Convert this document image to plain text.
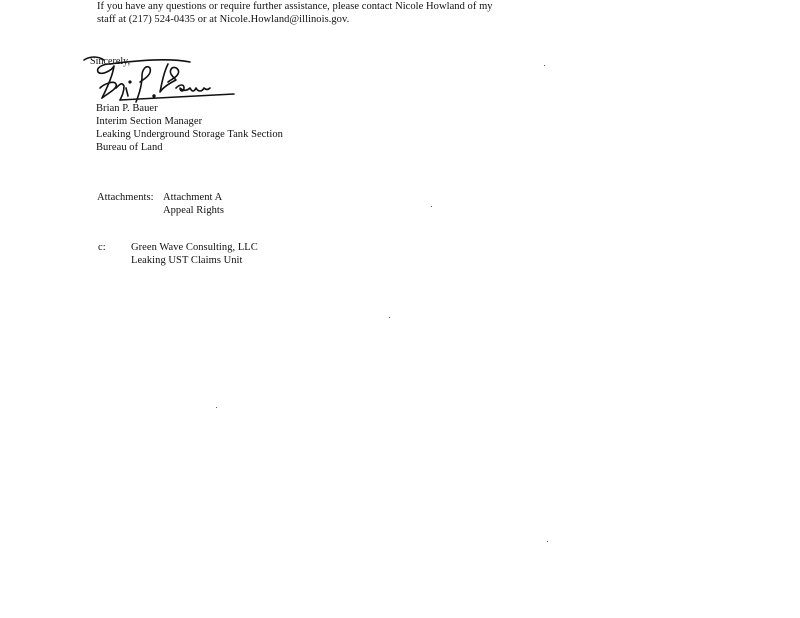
If you have any questions or require further assistance, please contact Nicole Howland of my
staff at (217) 524-0435 or at Nicole.Howland@illinois.gov.
Sincerely,
Brian P. Bauer
Interim Section Manager
Leaking Underground Storage Tank Section
Bureau of Land
Attachments: Attachment A
Appeal Rights
c: Green Wave Consulting, LLC
Leaking UST Claims Unit
